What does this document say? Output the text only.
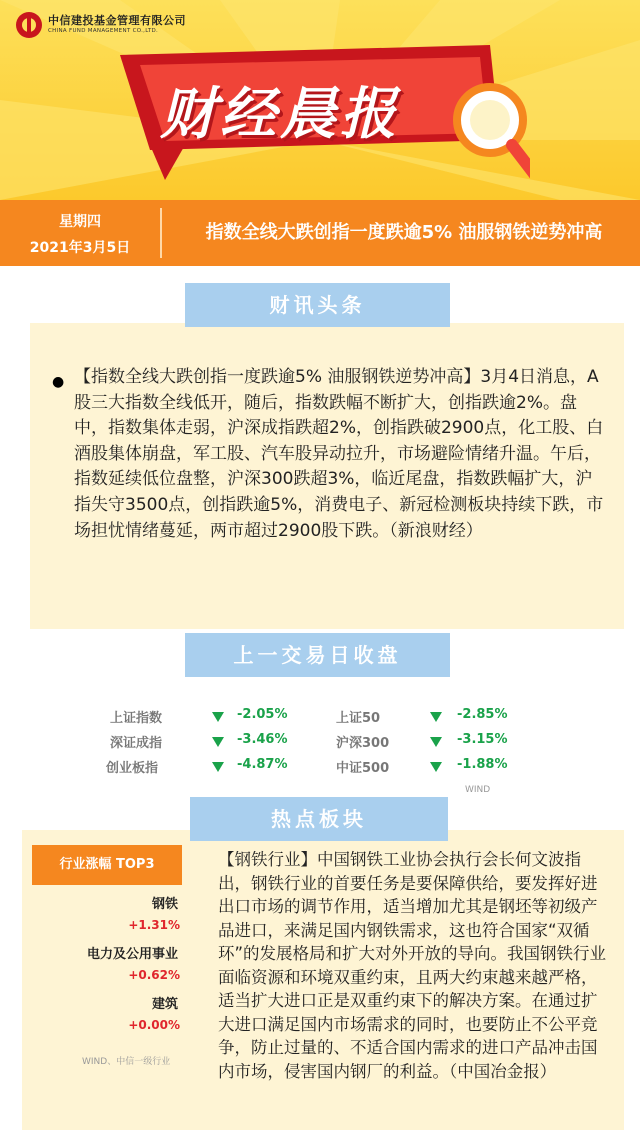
中信建投基金管理有限公司
CHINA FUND MANAGEMENT CO.,LTD.
财经晨报
星期四
2021年3月5日
指数全线大跌创指一度跌逾5% 油服钢铁逆势冲高
财讯头条
● 【指数全线大跌创指一度跌逾5% 油服钢铁逆势冲高】3月4日消息，A股三大指数全线低开，随后，指数跌幅不断扩大，创指跌逾2%。盘中，指数集体走弱，沪深成指跌超2%，创指跌破2900点，化工股、白酒股集体崩盘，军工股、汽车股异动拉升，市场避险情绪升温。午后，指数延续低位盘整，沪深300跌超3%，临近尾盘，指数跌幅扩大，沪指失守3500点，创指跌逾5%，消费电子、新冠检测板块持续下跌，市场担忧情绪蔓延，两市超过2900股下跌。（新浪财经）
上一交易日收盘
上证指数	-2.05%	上证50	-2.85%
深证成指	-3.46%	沪深300	-3.15%
创业板指	-4.87%	中证500	-1.88%
WIND
热点板块
行业涨幅 TOP3
钢铁
+1.31%
电力及公用事业
+0.62%
建筑
+0.00%
WIND、中信一级行业
【钢铁行业】中国钢铁工业协会执行会长何文波指出，钢铁行业的首要任务是要保障供给，要发挥好进出口市场的调节作用，适当增加尤其是钢坯等初级产品进口，来满足国内钢铁需求，这也符合国家“双循环”的发展格局和扩大对外开放的导向。我国钢铁行业面临资源和环境双重约束，且两大约束越来越严格，适当扩大进口正是双重约束下的解决方案。在通过扩大进口满足国内市场需求的同时，也要防止不公平竞争，防止过量的、不适合国内需求的进口产品冲击国内市场，侵害国内钢厂的利益。（中国冶金报）
